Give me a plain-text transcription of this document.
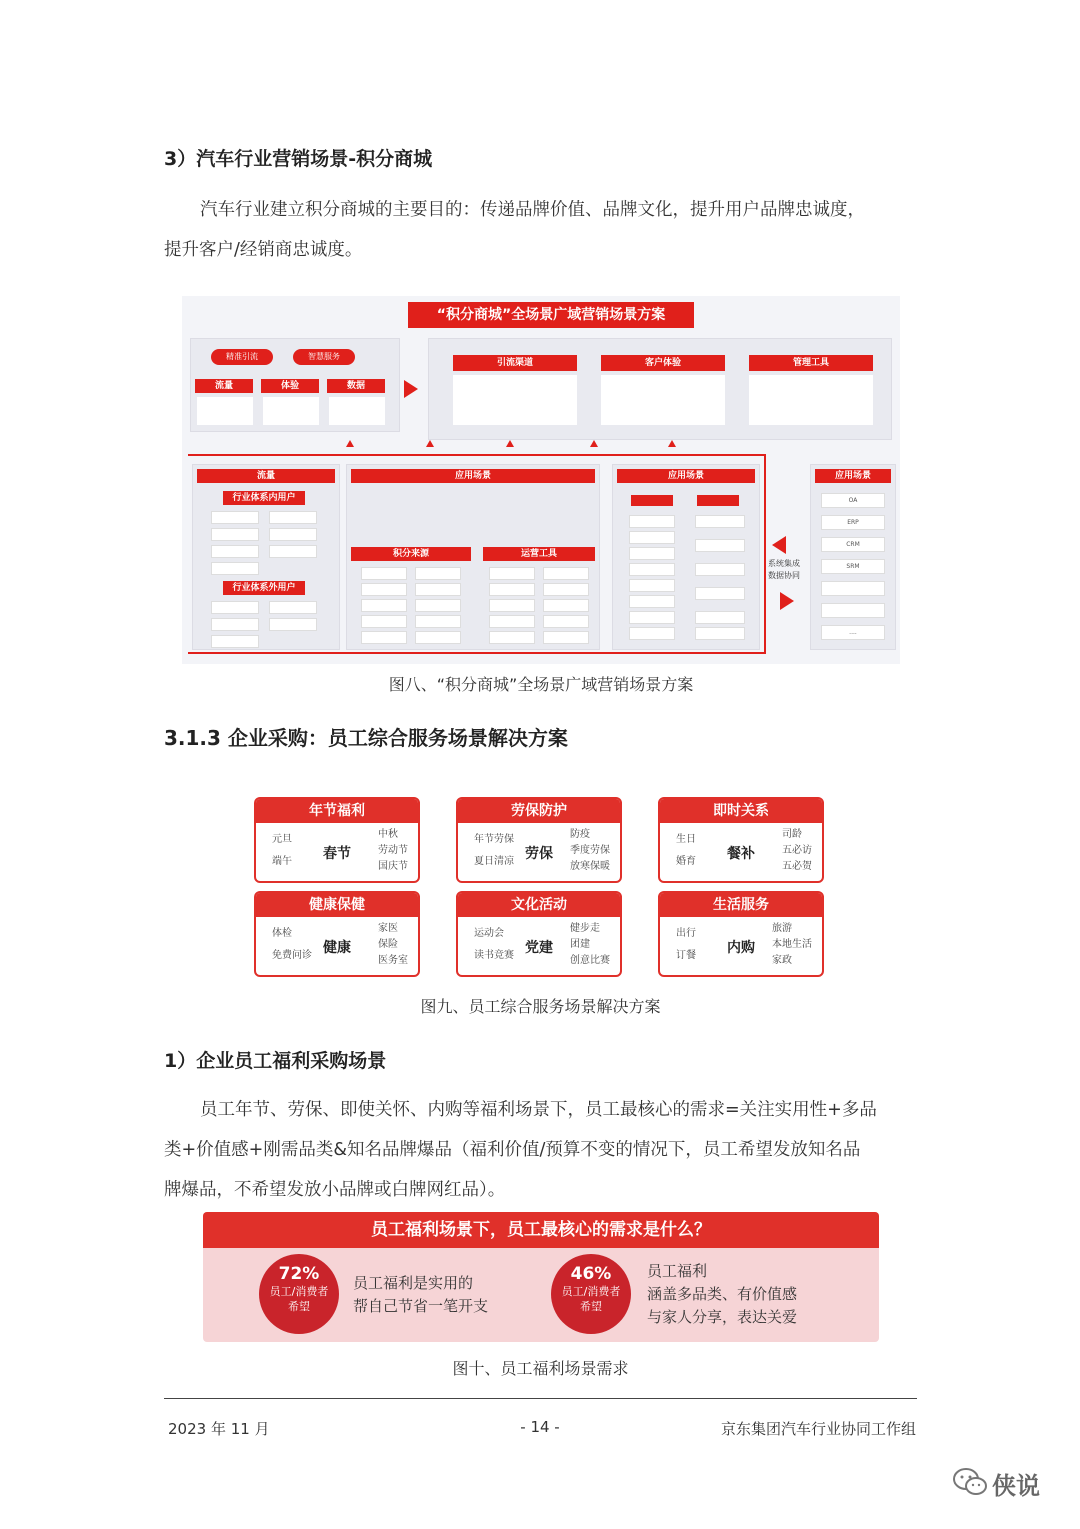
3）汽车行业营销场景-积分商城
汽车行业建立积分商城的主要目的：传递品牌价值、品牌文化，提升用户品牌忠诚度，
提升客户/经销商忠诚度。
“积分商城”全场景广域营销场景方案
精准引流	智慧服务
流量	体验	数据
引流渠道	客户体验	管理工具
流量
行业体系内用户
行业体系外用户
应用场景
积分来源	运营工具
应用场景
系统集成
数据协同
应用场景
OA
ERP
CRM
SRM
....
图八、“积分商城”全场景广域营销场景方案
3.1.3 企业采购：员工综合服务场景解决方案
年节福利
元旦
端午	春节
中秋
劳动节
国庆节
劳保防护
年节劳保
夏日清凉 劳保
防疫
季度劳保
放寒保暖
即时关系
生日
婚育	餐补
司龄
五必访
五必贺
健康保健
体检
免费问诊 健康
家医
保险
医务室
文化活动
运动会
读书竞赛 党建
健步走
团建
创意比赛
生活服务
出行
订餐	内购
旅游
本地生活
家政
图九、员工综合服务场景解决方案
1）企业员工福利采购场景
员工年节、劳保、即使关怀、内购等福利场景下，员工最核心的需求=关注实用性+多品
类+价值感+刚需品类&知名品牌爆品（福利价值/预算不变的情况下，员工希望发放知名品
牌爆品，不希望发放小品牌或白牌网红品）。
员工福利场景下，员工最核心的需求是什么？
72%
员工/消费者
希望
员工福利是实用的
帮自己节省一笔开支
46%
员工/消费者
希望
员工福利
涵盖多品类、有价值感
与家人分享，表达关爱
图十、员工福利场景需求
2023 年 11 月	- 14 -	京东集团汽车行业协同工作组
侠说
